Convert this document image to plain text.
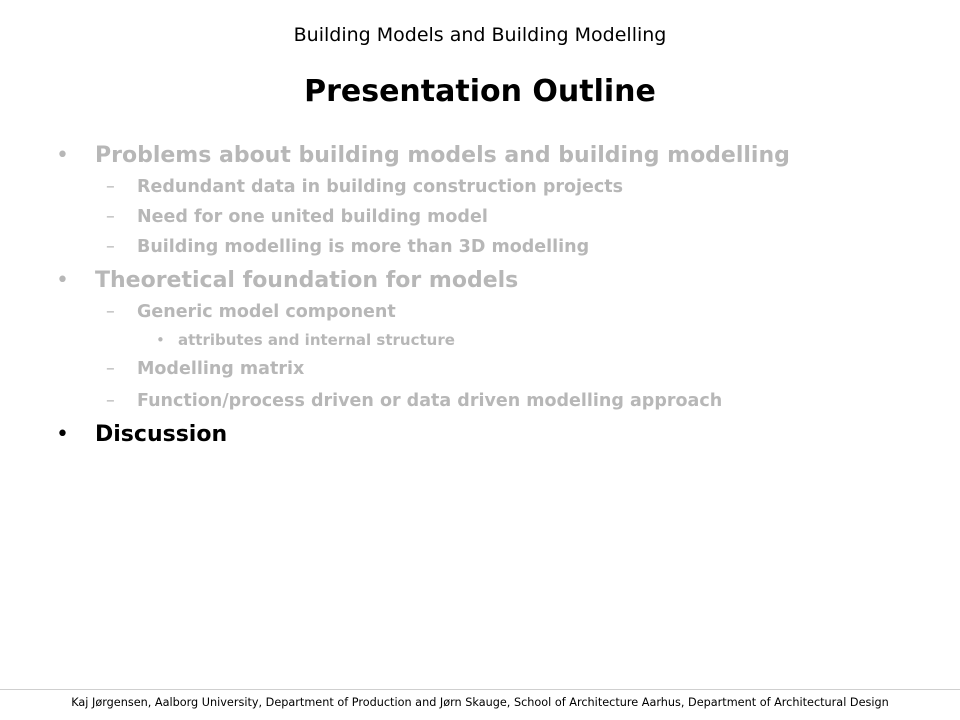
Building Models and Building Modelling
Presentation Outline
• Problems about building models and building modelling
– Redundant data in building construction projects
– Need for one united building model
– Building modelling is more than 3D modelling
• Theoretical foundation for models
– Generic model component
• attributes and internal structure
– Modelling matrix
– Function/process driven or data driven modelling approach
• Discussion
Kaj Jørgensen, Aalborg University, Department of Production and Jørn Skauge, School of Architecture Aarhus, Department of Architectural Design
